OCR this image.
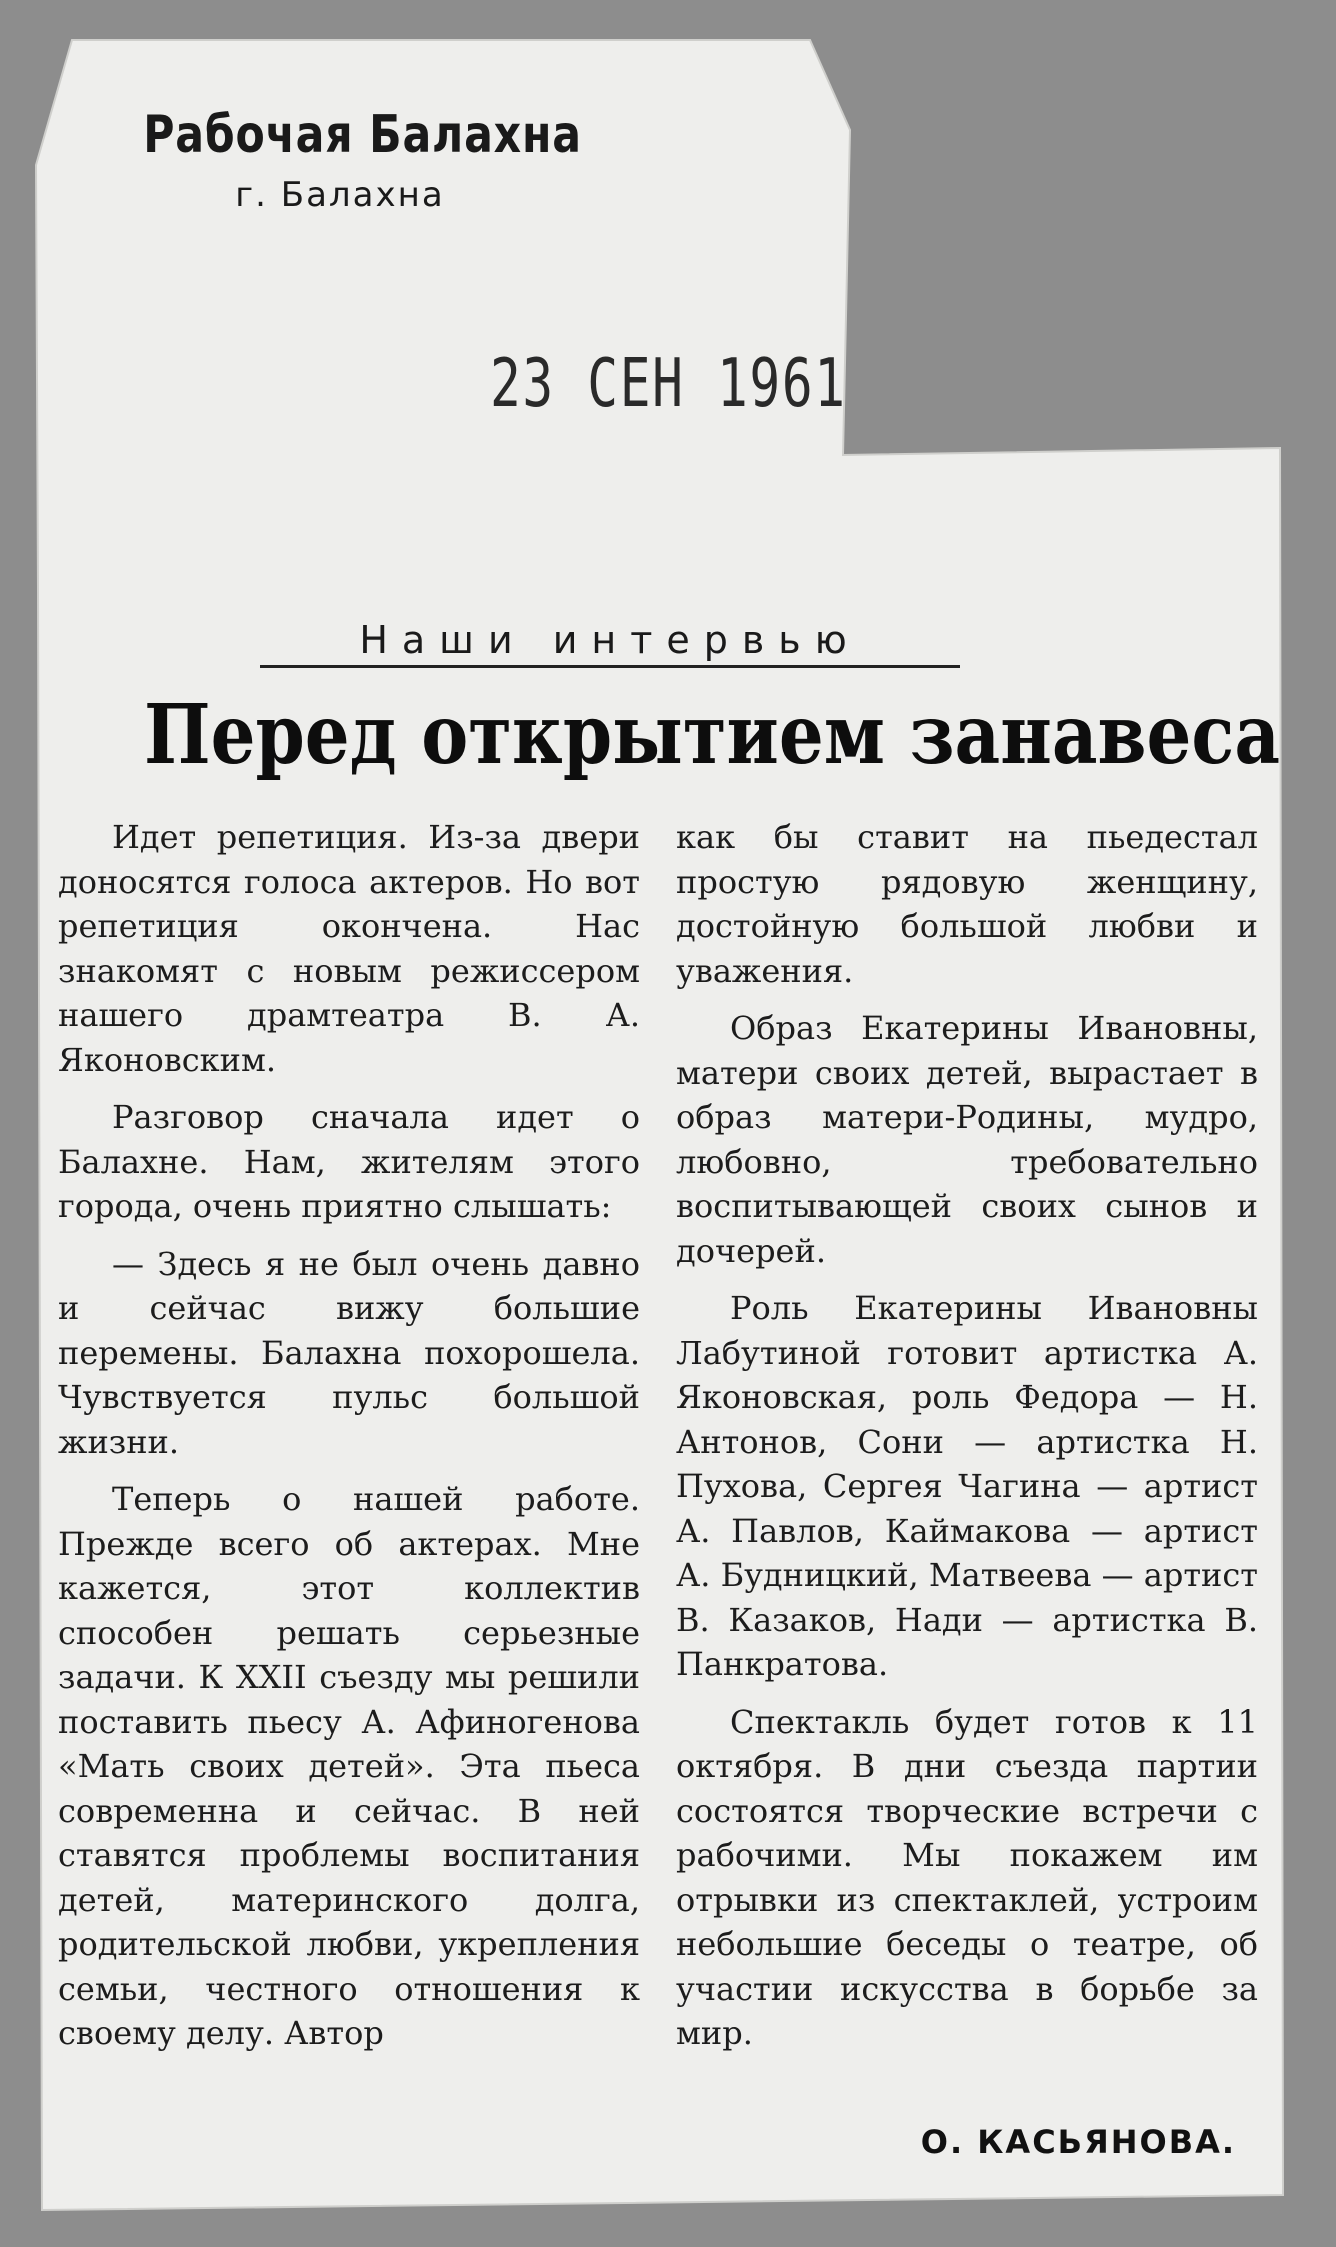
Рабочая Балахна
г. Балахна
23 СЕН 1961
Наши интервью
Перед открытием занавеса

Идет репетиция. Из-за двери доносятся голоса актеров. Но вот репетиция окончена. Нас знакомят с новым режиссером нашего драмтеатра В. А. Яконовским.

Разговор сначала идет о Балахне. Нам, жителям этого города, очень приятно слышать:

— Здесь я не был очень давно и сейчас вижу большие перемены. Балахна похорошела. Чувствуется пульс большой жизни.

Теперь о нашей работе. Прежде всего об актерах. Мне кажется, этот коллектив способен решать серьезные задачи. К XXII съезду мы решили поставить пьесу А. Афиногенова «Мать своих детей». Эта пьеса современна и сейчас. В ней ставятся проблемы воспитания детей, материнского долга, родительской любви, укрепления семьи, честного отношения к своему делу. Автор

как бы ставит на пьедестал простую рядовую женщину, достойную большой любви и уважения.

Образ Екатерины Ивановны, матери своих детей, вырастает в образ матери-Родины, мудро, любовно, требовательно воспитывающей своих сынов и дочерей.

Роль Екатерины Ивановны Лабутиной готовит артистка А. Яконовская, роль Федора — Н. Антонов, Сони — артистка Н. Пухова, Сергея Чагина — артист А. Павлов, Каймакова — артист А. Будницкий, Матвеева — артист В. Казаков, Нади — артистка В. Панкратова.

Спектакль будет готов к 11 октября. В дни съезда партии состоятся творческие встречи с рабочими. Мы покажем им отрывки из спектаклей, устроим небольшие беседы о театре, об участии искусства в борьбе за мир.

О. КАСЬЯНОВА.
